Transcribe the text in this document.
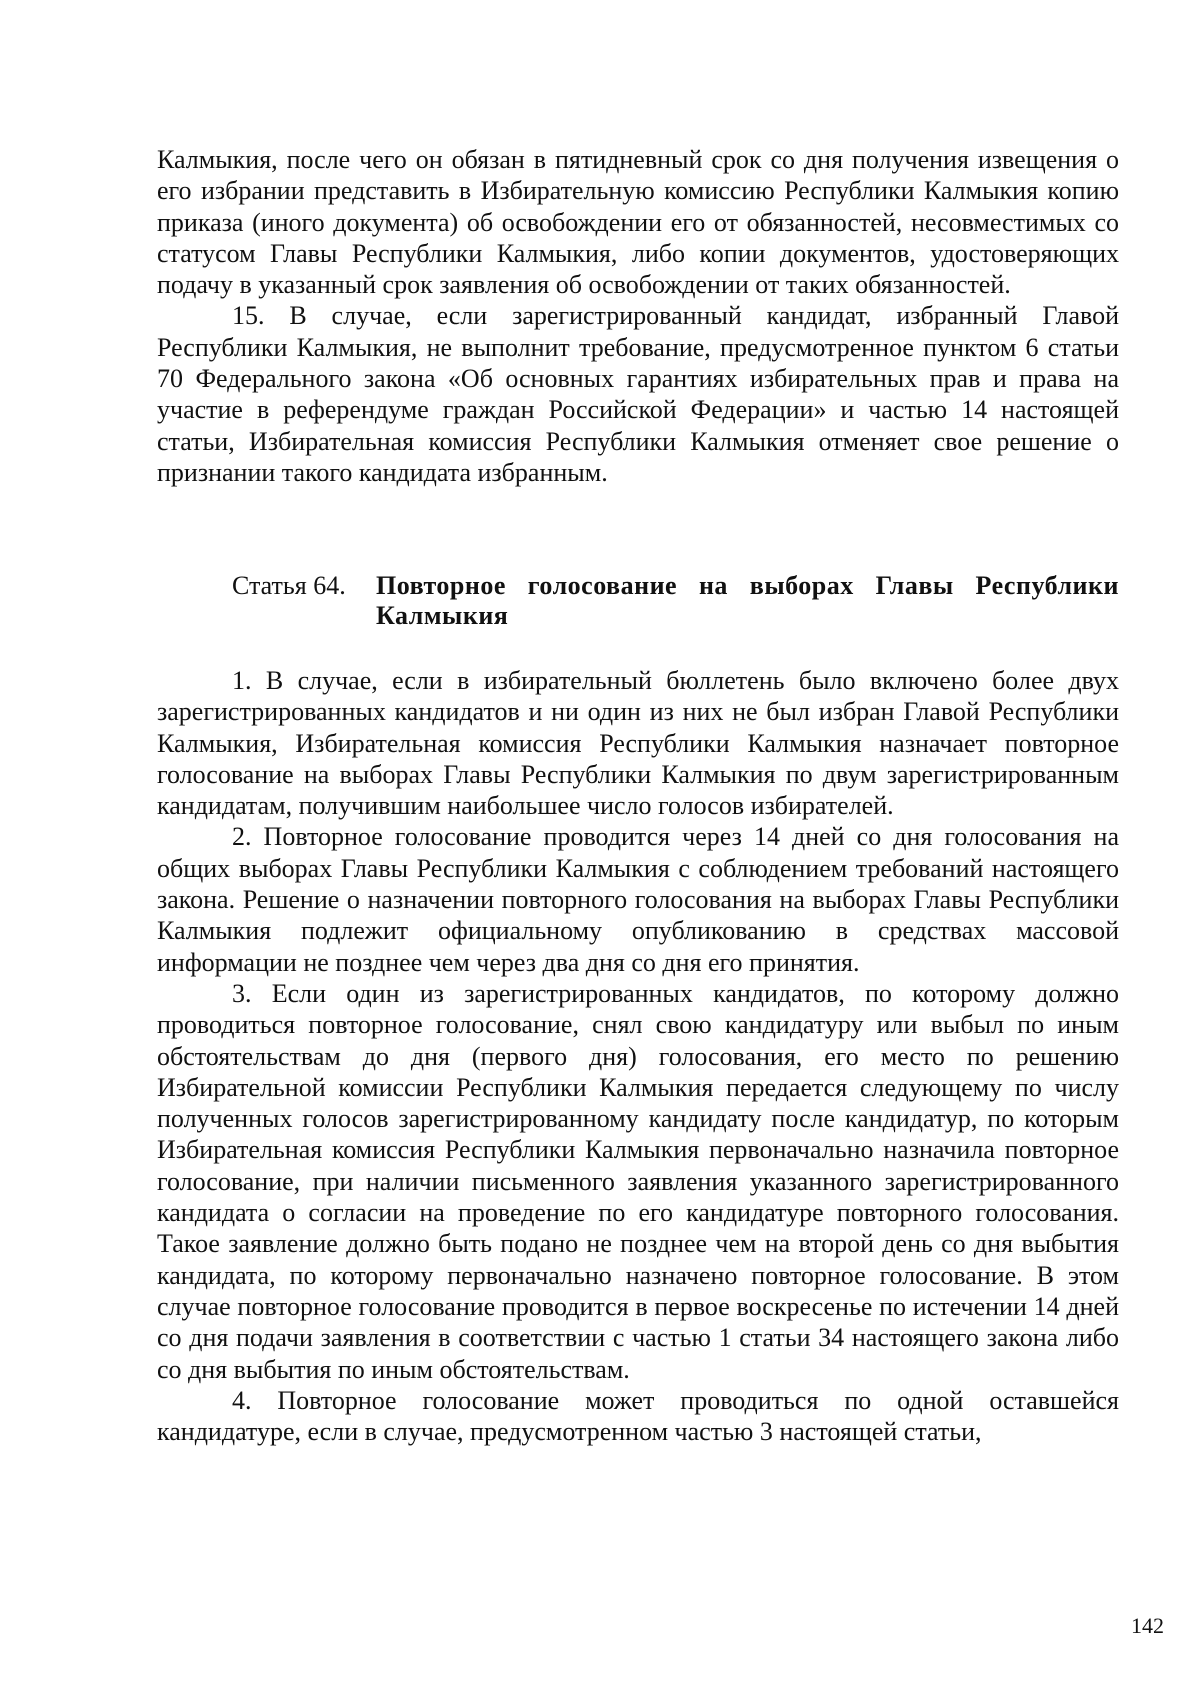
Калмыкия, после чего он обязан в пятидневный срок со дня получения извещения о его избрании представить в Избирательную комиссию Республики Калмыкия копию приказа (иного документа) об освобождении его от обязанностей, несовместимых со статусом Главы Республики Калмыкия, либо копии документов, удостоверяющих подачу в указанный срок заявления об освобождении от таких обязанностей.

15. В случае, если зарегистрированный кандидат, избранный Главой Республики Калмыкия, не выполнит требование, предусмотренное пунктом 6 статьи 70 Федерального закона «Об основных гарантиях избирательных прав и права на участие в референдуме граждан Российской Федерации» и частью 14 настоящей статьи, Избирательная комиссия Республики Калмыкия отменяет свое решение о признании такого кандидата избранным.

Статья 64.	Повторное голосование на выборах Главы Республики Калмыкия

1. В случае, если в избирательный бюллетень было включено более двух зарегистрированных кандидатов и ни один из них не был избран Главой Республики Калмыкия, Избирательная комиссия Республики Калмыкия назначает повторное голосование на выборах Главы Республики Калмыкия по двум зарегистрированным кандидатам, получившим наибольшее число голосов избирателей.

2. Повторное голосование проводится через 14 дней со дня голосования на общих выборах Главы Республики Калмыкия с соблюдением требований настоящего закона. Решение о назначении повторного голосования на выборах Главы Республики Калмыкия подлежит официальному опубликованию в средствах массовой информации не позднее чем через два дня со дня его принятия.

3. Если один из зарегистрированных кандидатов, по которому должно проводиться повторное голосование, снял свою кандидатуру или выбыл по иным обстоятельствам до дня (первого дня) голосования, его место по решению Избирательной комиссии Республики Калмыкия передается следующему по числу полученных голосов зарегистрированному кандидату после кандидатур, по которым Избирательная комиссия Республики Калмыкия первоначально назначила повторное голосование, при наличии письменного заявления указанного зарегистрированного кандидата о согласии на проведение по его кандидатуре повторного голосования. Такое заявление должно быть подано не позднее чем на второй день со дня выбытия кандидата, по которому первоначально назначено повторное голосование. В этом случае повторное голосование проводится в первое воскресенье по истечении 14 дней со дня подачи заявления в соответствии с частью 1 статьи 34 настоящего закона либо со дня выбытия по иным обстоятельствам.

4. Повторное голосование может проводиться по одной оставшейся кандидатуре, если в случае, предусмотренном частью 3 настоящей статьи,

142
